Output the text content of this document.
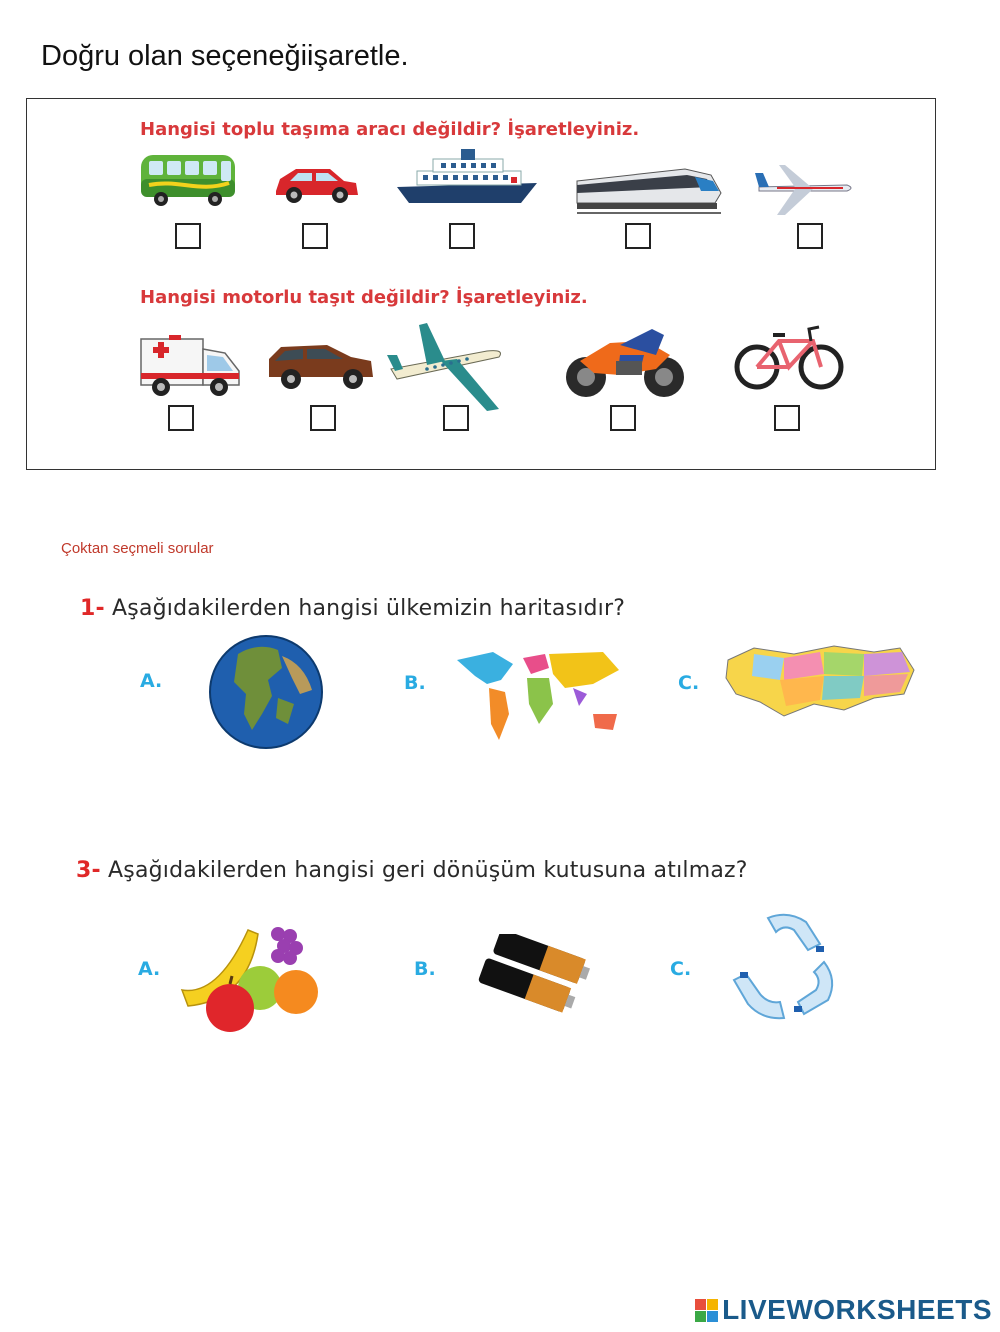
Doğru olan seçeneğiişaretle.
Hangisi toplu taşıma aracı değildir? İşaretleyiniz.
Hangisi motorlu taşıt değildir? İşaretleyiniz.
Çoktan seçmeli sorular
1- Aşağıdakilerden hangisi ülkemizin haritasıdır?
A.	B.	C.
3- Aşağıdakilerden hangisi geri dönüşüm kutusuna atılmaz?
A.	B.	C.
LIVEWORKSHEETS
